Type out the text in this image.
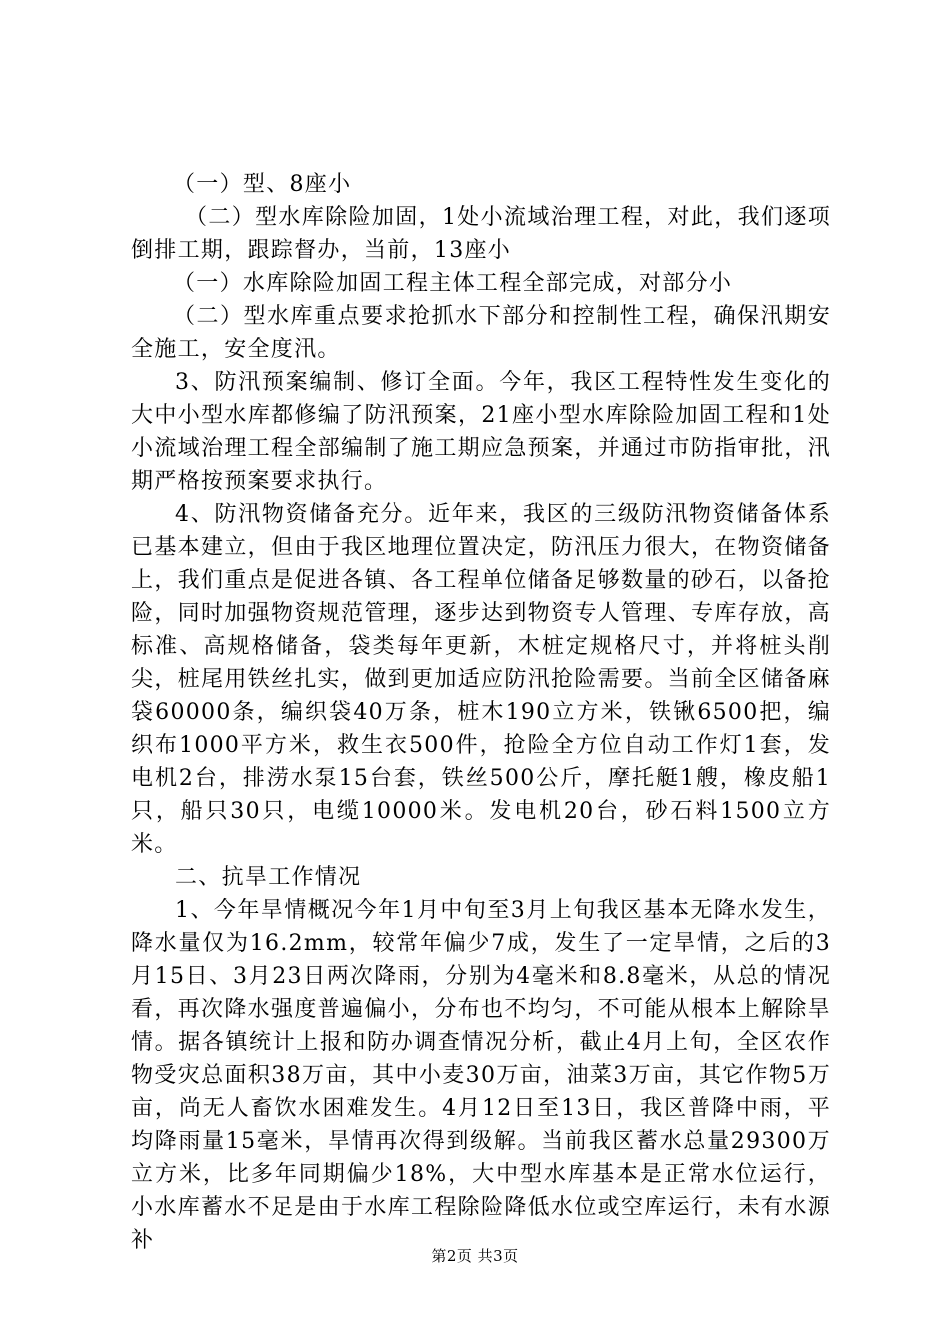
（一）型、8座小

（二）型水库除险加固，1处小流域治理工程，对此，我们逐项倒排工期，跟踪督办，当前，13座小

（一）水库除险加固工程主体工程全部完成，对部分小

（二）型水库重点要求抢抓水下部分和控制性工程，确保汛期安全施工，安全度汛。

3、防汛预案编制、修订全面。今年，我区工程特性发生变化的大中小型水库都修编了防汛预案，21座小型水库除险加固工程和1处小流域治理工程全部编制了施工期应急预案，并通过市防指审批，汛期严格按预案要求执行。

4、防汛物资储备充分。近年来，我区的三级防汛物资储备体系已基本建立，但由于我区地理位置决定，防汛压力很大，在物资储备上，我们重点是促进各镇、各工程单位储备足够数量的砂石，以备抢险，同时加强物资规范管理，逐步达到物资专人管理、专库存放，高标准、高规格储备，袋类每年更新，木桩定规格尺寸，并将桩头削尖，桩尾用铁丝扎实，做到更加适应防汛抢险需要。当前全区储备麻袋60000条，编织袋40万条，桩木190立方米，铁锹6500把，编织布1000平方米，救生衣500件，抢险全方位自动工作灯1套，发电机2台，排涝水泵15台套，铁丝500公斤，摩托艇1艘，橡皮船1只，船只30只，电缆10000米。发电机20台，砂石料1500立方米。

二、抗旱工作情况

1、今年旱情概况今年1月中旬至3月上旬我区基本无降水发生，降水量仅为16.2mm，较常年偏少7成，发生了一定旱情，之后的3月15日、3月23日两次降雨，分别为4毫米和8.8毫米，从总的情况看，再次降水强度普遍偏小，分布也不均匀，不可能从根本上解除旱情。据各镇统计上报和防办调查情况分析，截止4月上旬，全区农作物受灾总面积38万亩，其中小麦30万亩，油菜3万亩，其它作物5万亩，尚无人畜饮水困难发生。4月12日至13日，我区普降中雨，平均降雨量15毫米，旱情再次得到级解。当前我区蓄水总量29300万立方米，比多年同期偏少18%，大中型水库基本是正常水位运行，小水库蓄水不足是由于水库工程除险降低水位或空库运行，未有水源补

第2页 共3页
